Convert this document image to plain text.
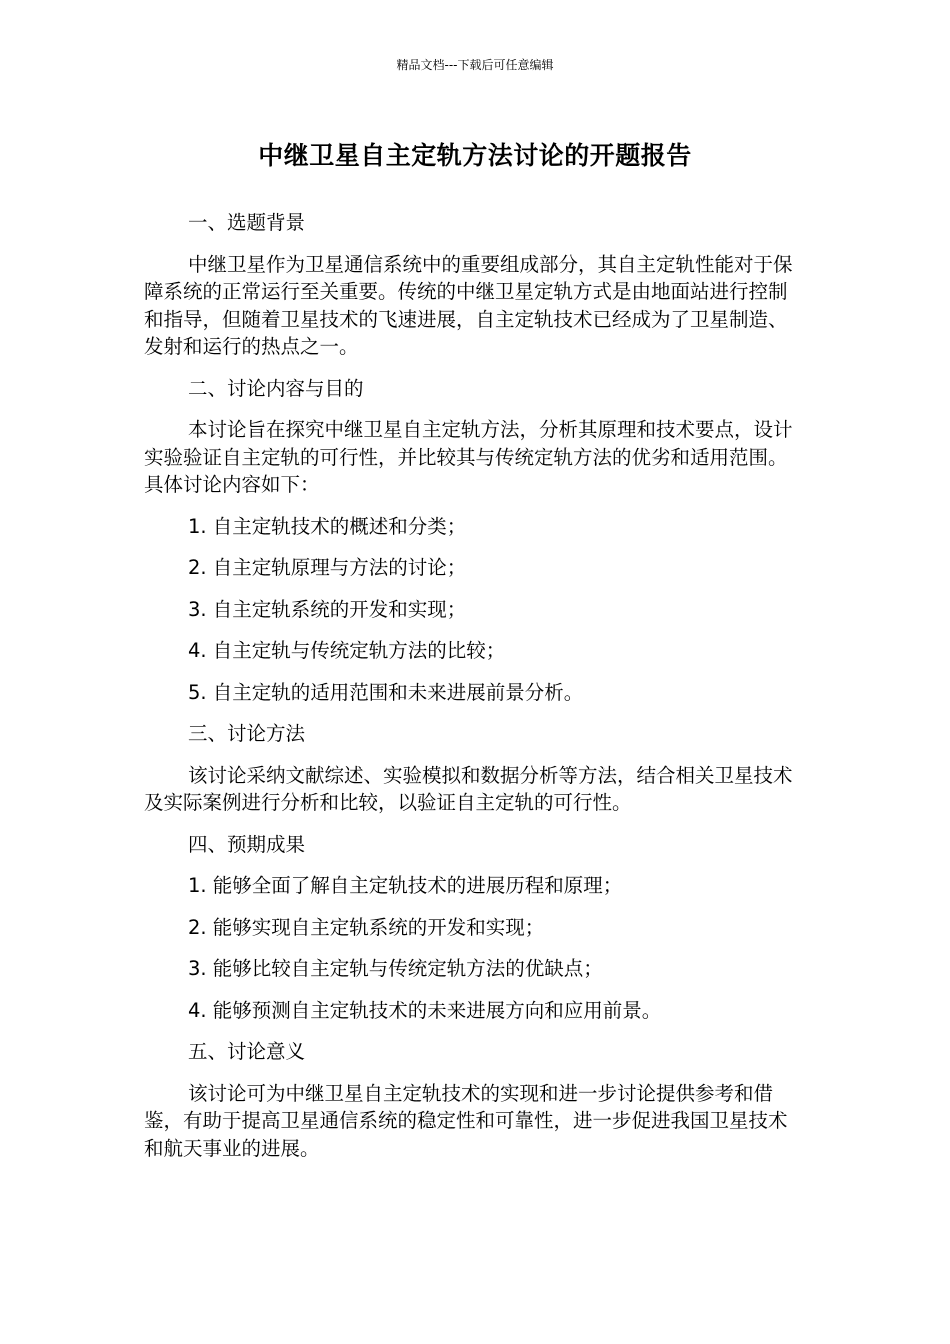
精品文档---下载后可任意编辑
中继卫星自主定轨方法讨论的开题报告

一、选题背景

中继卫星作为卫星通信系统中的重要组成部分，其自主定轨性能对于保障系统的正常运行至关重要。传统的中继卫星定轨方式是由地面站进行控制和指导，但随着卫星技术的飞速进展，自主定轨技术已经成为了卫星制造、发射和运行的热点之一。

二、讨论内容与目的

本讨论旨在探究中继卫星自主定轨方法，分析其原理和技术要点，设计实验验证自主定轨的可行性，并比较其与传统定轨方法的优劣和适用范围。具体讨论内容如下：

1. 自主定轨技术的概述和分类；

2. 自主定轨原理与方法的讨论；

3. 自主定轨系统的开发和实现；

4. 自主定轨与传统定轨方法的比较；

5. 自主定轨的适用范围和未来进展前景分析。

三、讨论方法

该讨论采纳文献综述、实验模拟和数据分析等方法，结合相关卫星技术及实际案例进行分析和比较，以验证自主定轨的可行性。

四、预期成果

1. 能够全面了解自主定轨技术的进展历程和原理；

2. 能够实现自主定轨系统的开发和实现；

3. 能够比较自主定轨与传统定轨方法的优缺点；

4. 能够预测自主定轨技术的未来进展方向和应用前景。

五、讨论意义

该讨论可为中继卫星自主定轨技术的实现和进一步讨论提供参考和借鉴，有助于提高卫星通信系统的稳定性和可靠性，进一步促进我国卫星技术和航天事业的进展。
